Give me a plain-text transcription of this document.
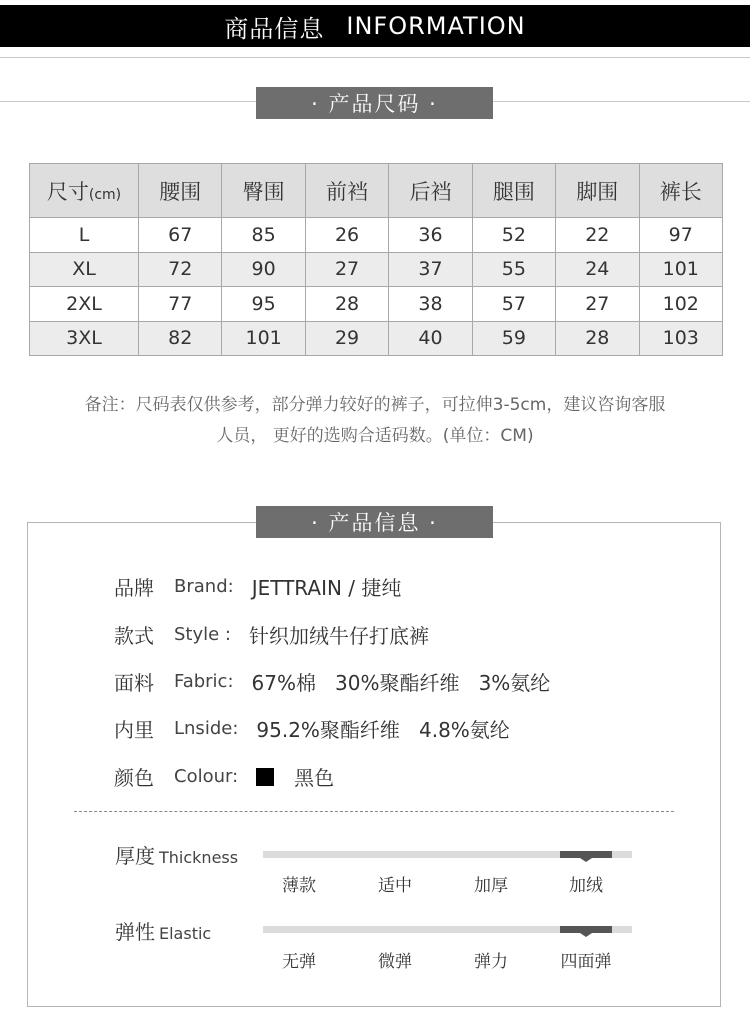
商品信息 INFORMATION
· 产品尺码 ·
尺寸(cm)	腰围	臀围	前裆	后裆	腿围	脚围	裤长
L	67	85	26	36	52	22	97
XL	72	90	27	37	55	24	101
2XL	77	95	28	38	57	27	102
3XL	82	101	29	40	59	28	103
备注：尺码表仅供参考，部分弹力较好的裤子，可拉伸3-5cm，建议咨询客服
人员， 更好的选购合适码数。(单位：CM)
· 产品信息 ·
品牌 Brand: JETTRAIN / 捷纯
款式 Style : 针织加绒牛仔打底裤
面料 Fabric: 67%棉   30%聚酯纤维   3%氨纶
内里 Lnside: 95.2%聚酯纤维   4.8%氨纶
颜色 Colour:	黑色
厚度 Thickness
薄款	适中	加厚	加绒
弹性 Elastic
无弹	微弹	弹力	四面弹
